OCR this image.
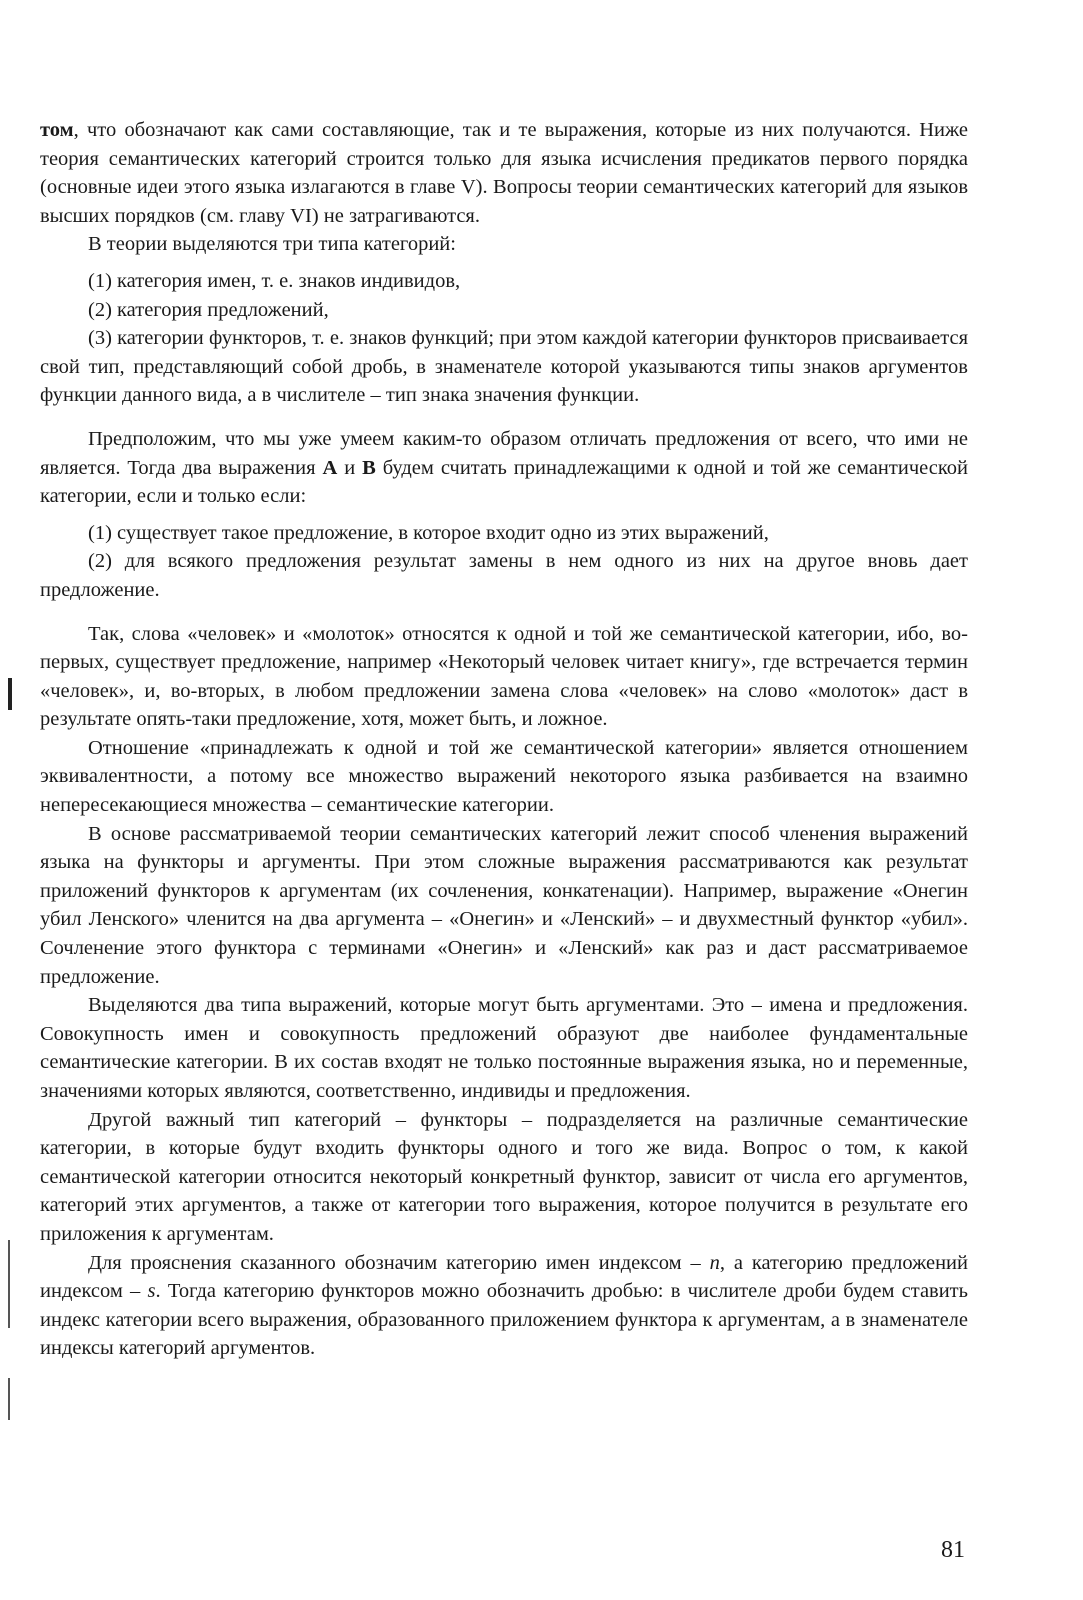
том, что обозначают как сами составляющие, так и те выражения, которые из них получаются. Ниже теория семантических категорий строится только для языка исчисления предикатов первого порядка (основные идеи этого языка излагаются в главе V). Вопросы теории семантических категорий для языков высших порядков (см. главу VI) не затрагиваются.

В теории выделяются три типа категорий:

(1) категория имен, т. е. знаков индивидов,

(2) категория предложений,

(3) категории функторов, т. е. знаков функций; при этом каждой категории функторов присваивается свой тип, представляющий собой дробь, в знаменателе которой указываются типы знаков аргументов функции данного вида, а в числителе – тип знака значения функции.

Предположим, что мы уже умеем каким-то образом отличать предложения от всего, что ими не является. Тогда два выражения А и В будем считать принадлежащими к одной и той же семантической категории, если и только если:

(1) существует такое предложение, в которое входит одно из этих выражений,

(2) для всякого предложения результат замены в нем одного из них на другое вновь дает предложение.

Так, слова «человек» и «молоток» относятся к одной и той же семантической категории, ибо, во-первых, существует предложение, например «Некоторый человек читает книгу», где встречается термин «человек», и, во-вторых, в любом предложении замена слова «человек» на слово «молоток» даст в результате опять-таки предложение, хотя, может быть, и ложное.

Отношение «принадлежать к одной и той же семантической категории» является отношением эквивалентности, а потому все множество выражений некоторого языка разбивается на взаимно непересекающиеся множества – семантические категории.

В основе рассматриваемой теории семантических категорий лежит способ членения выражений языка на функторы и аргументы. При этом сложные выражения рассматриваются как результат приложений функторов к аргументам (их сочленения, конкатенации). Например, выражение «Онегин убил Ленского» членится на два аргумента – «Онегин» и «Ленский» – и двухместный функтор «убил». Сочленение этого функтора с терминами «Онегин» и «Ленский» как раз и даст рассматриваемое предложение.

Выделяются два типа выражений, которые могут быть аргументами. Это – имена и предложения. Совокупность имен и совокупность предложений образуют две наиболее фундаментальные семантические категории. В их состав входят не только постоянные выражения языка, но и переменные, значениями которых являются, соответственно, индивиды и предложения.

Другой важный тип категорий – функторы – подразделяется на различные семантические категории, в которые будут входить функторы одного и того же вида. Вопрос о том, к какой семантической категории относится некоторый конкретный функтор, зависит от числа его аргументов, категорий этих аргументов, а также от категории того выражения, которое получится в результате его приложения к аргументам.

Для прояснения сказанного обозначим категорию имен индексом – n, а категорию предложений индексом – s. Тогда категорию функторов можно обозначить дробью: в числителе дроби будем ставить индекс категории всего выражения, образованного приложением функтора к аргументам, а в знаменателе индексы категорий аргументов.

81
